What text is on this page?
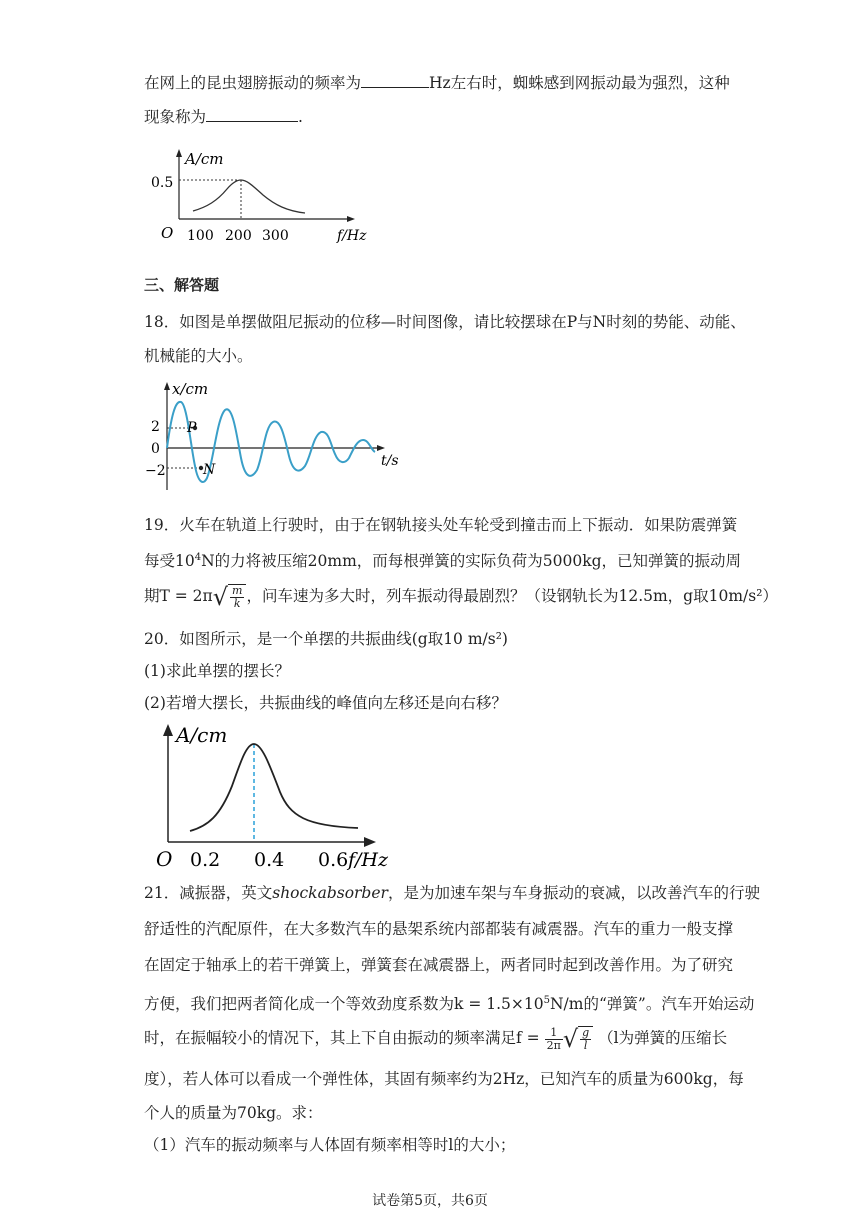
在网上的昆虫翅膀振动的频率为	Hz左右时，蜘蛛感到网振动最为强烈，这种
现象称为	.
A/cm
0.5
O 100 200 300	f/Hz
三、解答题
18．如图是单摆做阻尼振动的位移—时间图像，请比较摆球在P与N时刻的势能、动能、
机械能的大小。
x/cm
2
0
−2
t/s
P
N
19．火车在轨道上行驶时，由于在钢轨接头处车轮受到撞击而上下振动．如果防震弹簧
每受$10^4N$的力将被压缩20mm，而每根弹簧的实际负荷为5000kg，已知弹簧的振动周
期$T = 2\pi√ \frac{m}{k}$ ，问车速为多大时，列车振动得最剧烈？（设钢轨长为12.5m，g取10m/s²）
20．如图所示，是一个单摆的共振曲线(g取10 m/s²)
(1)求此单摆的摆长？
(2)若增大摆长，共振曲线的峰值向左移还是向右移？
A/cm
O 0.2 0.4 0.6 f/Hz
21．减振器，英文shockabsorber，是为加速车架与车身振动的衰减，以改善汽车的行驶
舒适性的汽配原件，在大多数汽车的悬架系统内部都装有减震器。汽车的重力一般支撑
在固定于轴承上的若干弹簧上，弹簧套在减震器上，两者同时起到改善作用。为了研究
方便，我们把两者简化成一个等效劲度系数为$k = 1.5\times 10^5N/m$的“弹簧”。汽车开始运动
时，在振幅较小的情况下，其上下自由振动的频率满足$f = \frac{1}{2\pi}$ √ $\frac{g}{l} (l$为弹簧的压缩长
度），若人体可以看成一个弹性体，其固有频率约为2Hz，已知汽车的质量为600kg，每
个人的质量为70kg。求：
（1）汽车的振动频率与人体固有频率相等时l的大小；
试卷第5页，共6页
